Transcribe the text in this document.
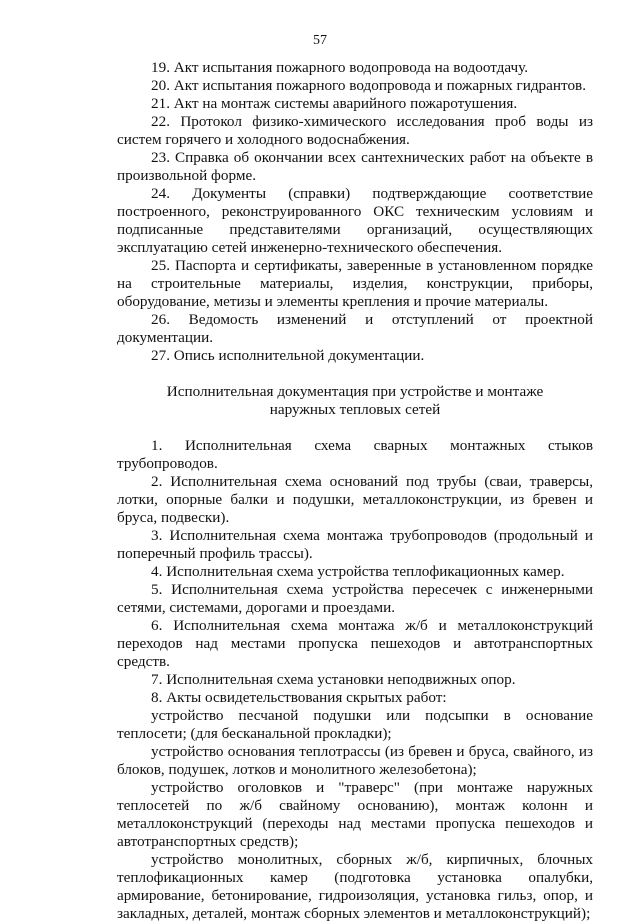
57

19. Акт испытания пожарного водопровода на водоотдачу.

20. Акт испытания пожарного водопровода и пожарных гидрантов.

21. Акт на монтаж системы аварийного пожаротушения.

22. Протокол физико-химического исследования проб воды из систем горячего и холодного водоснабжения.

23. Справка об окончании всех сантехнических работ на объекте в произвольной форме.

24. Документы (справки) подтверждающие соответствие построенного, реконструированного ОКС техническим условиям и подписанные представителями организаций, осуществляющих эксплуатацию сетей инженерно-технического обеспечения.

25. Паспорта и сертификаты, заверенные в установленном порядке на строительные материалы, изделия, конструкции, приборы, оборудование, метизы и элементы крепления и прочие материалы.

26. Ведомость изменений и отступлений от проектной документации.

27. Опись исполнительной документации.

Исполнительная документация при устройстве и монтаже

наружных тепловых сетей

1. Исполнительная схема сварных монтажных стыков трубопроводов.

2. Исполнительная схема оснований под трубы (сваи, траверсы, лотки, опорные балки и подушки, металлоконструкции, из бревен и бруса, подвески).

3. Исполнительная схема монтажа трубопроводов (продольный и поперечный профиль трассы).

4. Исполнительная схема устройства теплофикационных камер.

5. Исполнительная схема устройства пересечек с инженерными сетями, системами, дорогами и проездами.

6. Исполнительная схема монтажа ж/б и металлоконструкций переходов над местами пропуска пешеходов и автотранспортных средств.

7. Исполнительная схема установки неподвижных опор.

8. Акты освидетельствования скрытых работ:

устройство песчаной подушки или подсыпки в основание теплосети; (для бесканальной прокладки);

устройство основания теплотрассы (из бревен и бруса, свайного, из блоков, подушек, лотков и монолитного железобетона);

устройство оголовков и "траверс" (при монтаже наружных теплосетей по ж/б свайному основанию), монтаж колонн и металлоконструкций (переходы над местами пропуска пешеходов и автотранспортных средств);

устройство монолитных, сборных ж/б, кирпичных, блочных теплофикационных камер (подготовка установка опалубки, армирование, бетонирование, гидроизоляция, установка гильз, опор, и закладных, деталей, монтаж сборных элементов и металлоконструкций);
